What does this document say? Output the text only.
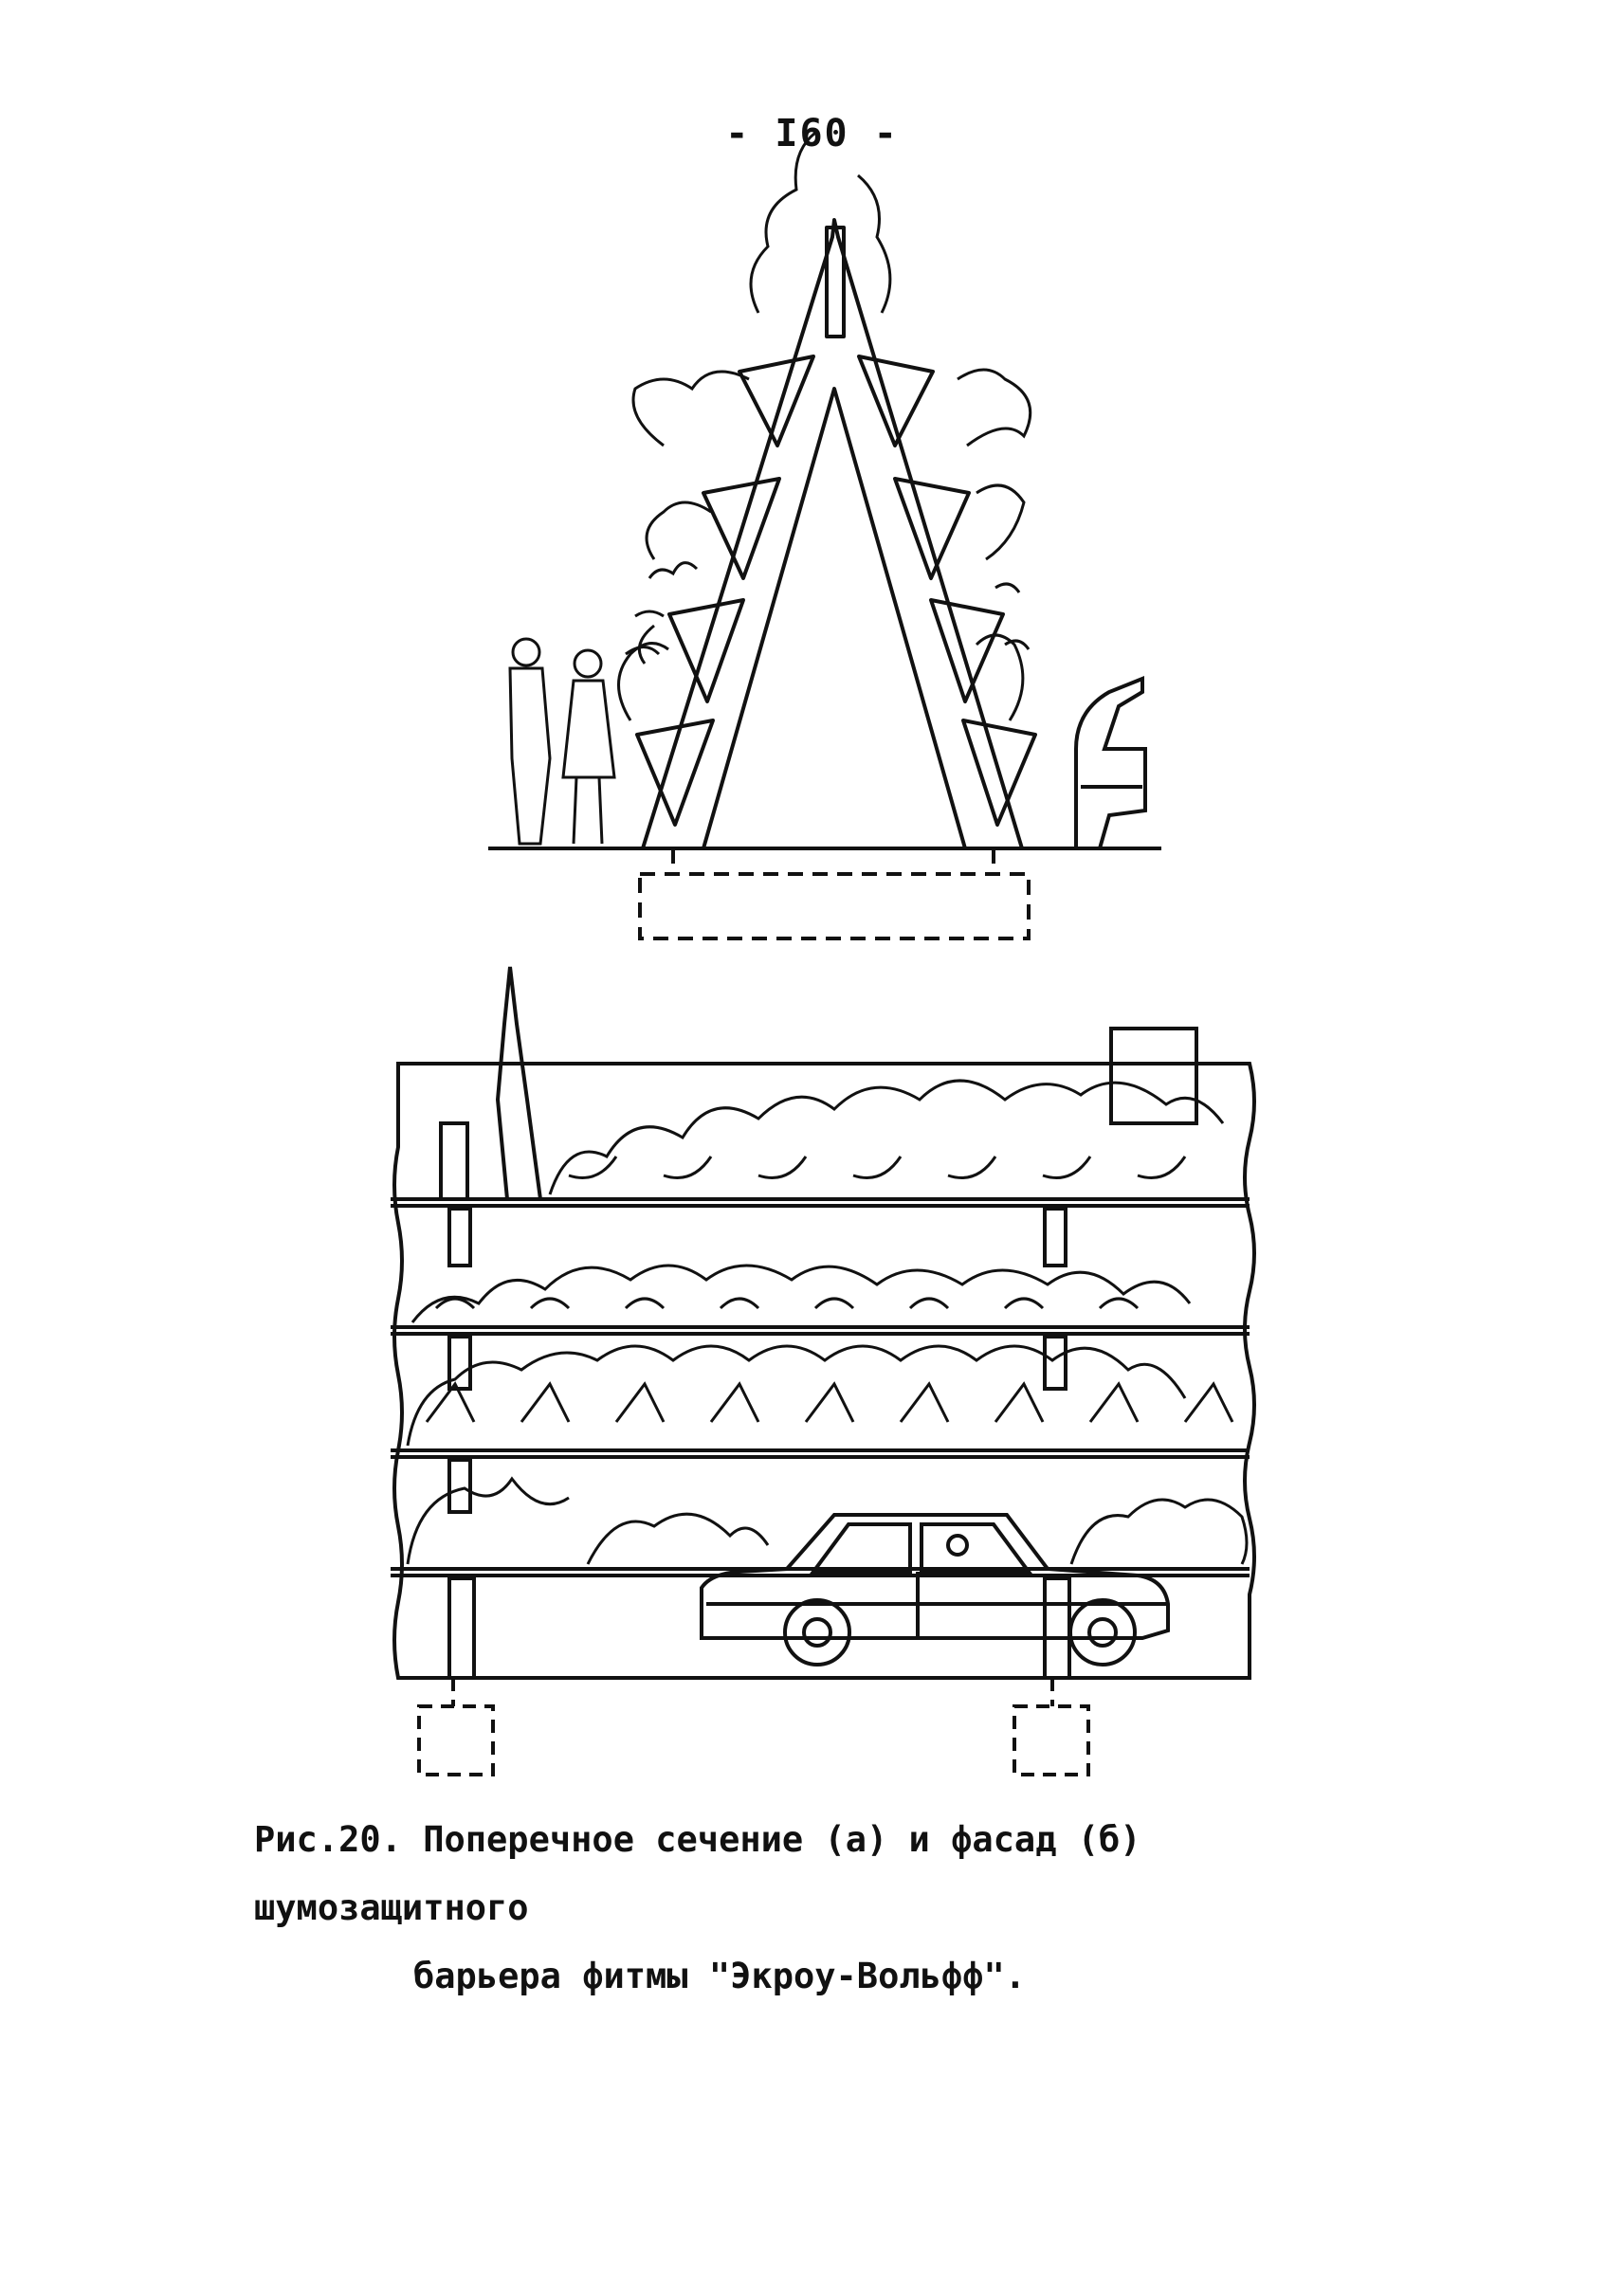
- I60 -
Рис.20. Поперечное сечение (а) и фасад (б) шумозащитного
барьера фитмы "Экроу-Вольфф".
